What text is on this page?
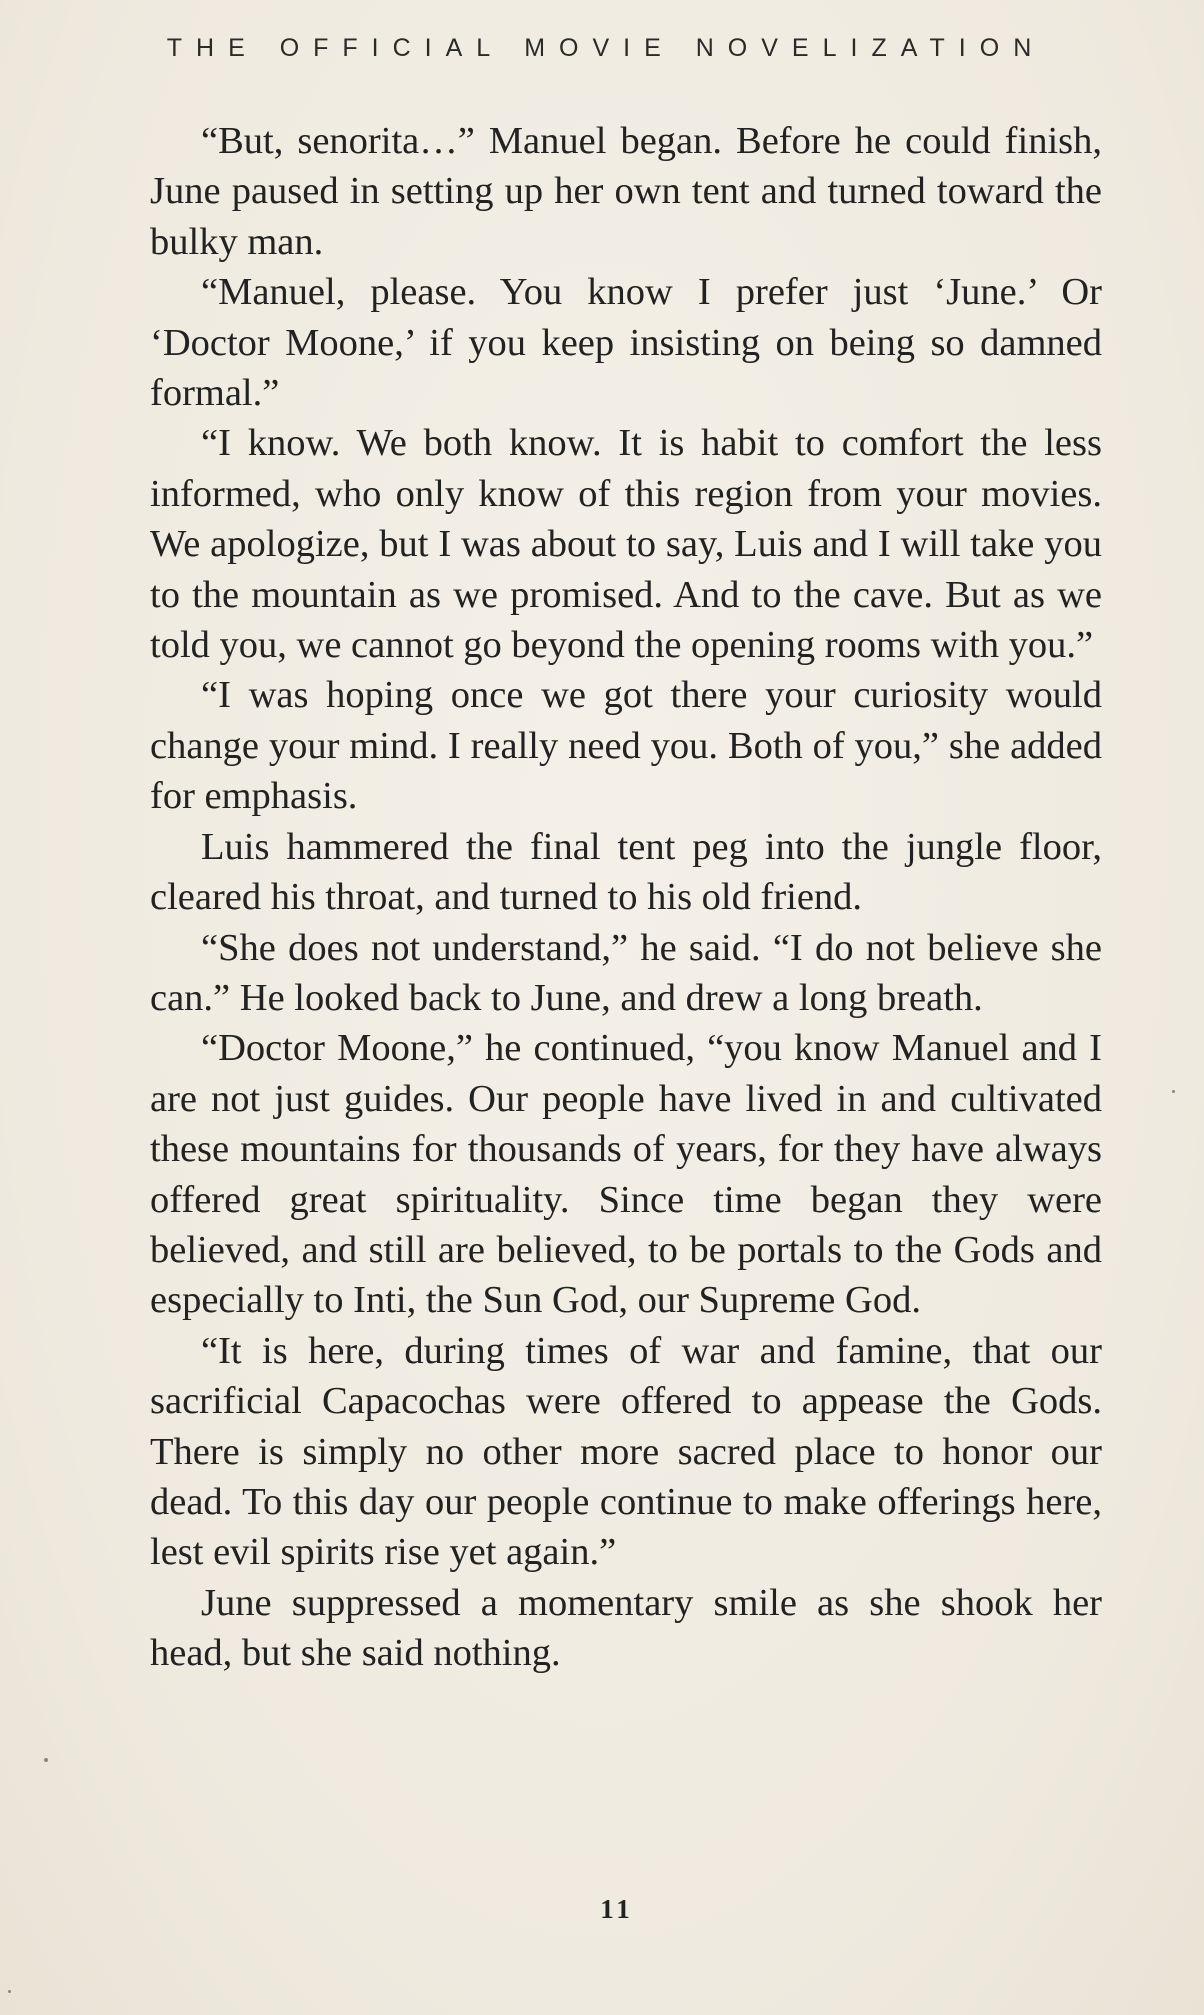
THE OFFICIAL MOVIE NOVELIZATION

“But, senorita…” Manuel began. Before he could finish, June paused in setting up her own tent and turned toward the bulky man.

“Manuel, please. You know I prefer just ‘June.’ Or ‘Doctor Moone,’ if you keep insisting on being so damned formal.”

“I know. We both know. It is habit to comfort the less informed, who only know of this region from your movies. We apologize, but I was about to say, Luis and I will take you to the mountain as we promised. And to the cave. But as we told you, we cannot go beyond the opening rooms with you.”

“I was hoping once we got there your curiosity would change your mind. I really need you. Both of you,” she added for emphasis.

Luis hammered the final tent peg into the jungle floor, cleared his throat, and turned to his old friend.

“She does not understand,” he said. “I do not believe she can.” He looked back to June, and drew a long breath.

“Doctor Moone,” he continued, “you know Manuel and I are not just guides. Our people have lived in and cultivated these mountains for thousands of years, for they have always offered great spirituality. Since time began they were believed, and still are believed, to be portals to the Gods and especially to Inti, the Sun God, our Supreme God.

“It is here, during times of war and famine, that our sacrificial Capacochas were offered to appease the Gods. There is simply no other more sacred place to honor our dead. To this day our people continue to make offerings here, lest evil spirits rise yet again.”

June suppressed a momentary smile as she shook her head, but she said nothing.

11
